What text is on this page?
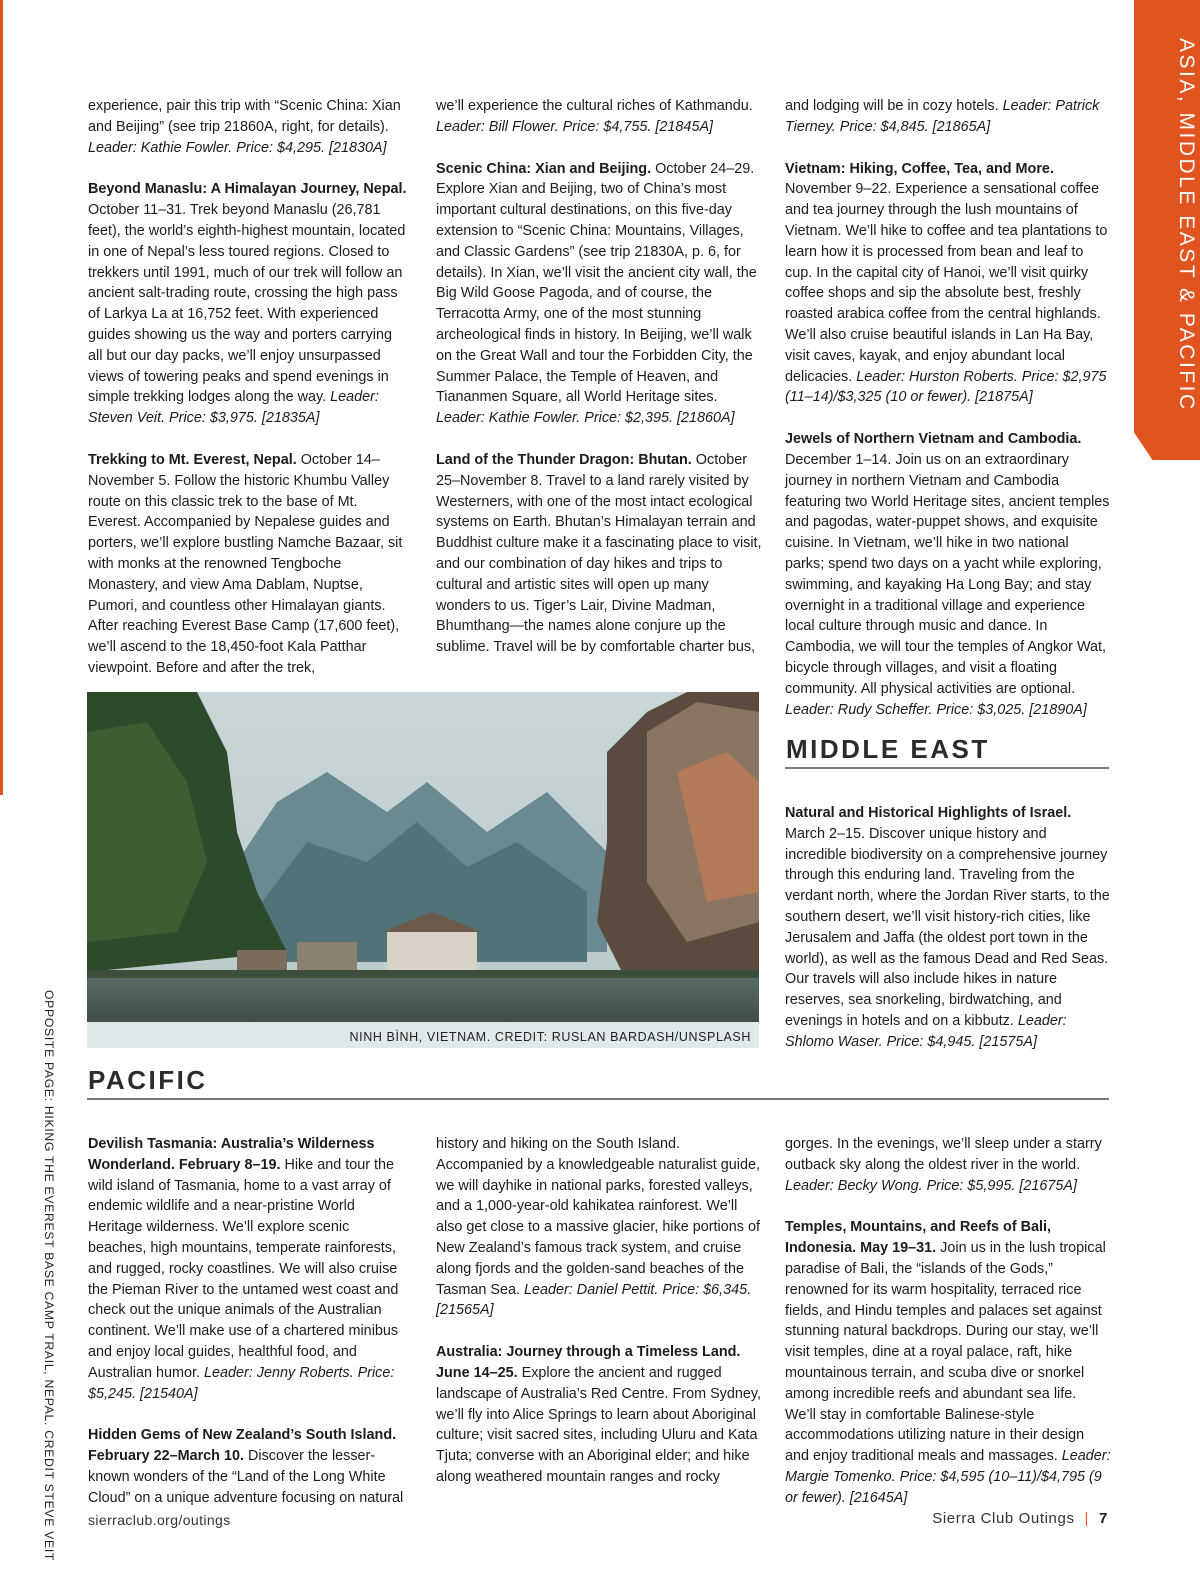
ASIA, MIDDLE EAST & PACIFIC

experience, pair this trip with “Scenic China: Xian and Beijing” (see trip 21860A, right, for details). Leader: Kathie Fowler. Price: $4,295. [21830A]

Beyond Manaslu: A Himalayan Journey, Nepal. October 11–31. Trek beyond Manaslu (26,781 feet), the world’s eighth-highest mountain, located in one of Nepal’s less toured regions. Closed to trekkers until 1991, much of our trek will follow an ancient salt-trading route, crossing the high pass of Larkya La at 16,752 feet. With experienced guides showing us the way and porters carrying all but our day packs, we’ll enjoy unsurpassed views of towering peaks and spend evenings in simple trekking lodges along the way. Leader: Steven Veit. Price: $3,975. [21835A]

Trekking to Mt. Everest, Nepal. October 14–November 5. Follow the historic Khumbu Valley route on this classic trek to the base of Mt. Everest. Accompanied by Nepalese guides and porters, we’ll explore bustling Namche Bazaar, sit with monks at the renowned Tengboche Monastery, and view Ama Dablam, Nuptse, Pumori, and countless other Himalayan giants. After reaching Everest Base Camp (17,600 feet), we’ll ascend to the 18,450-foot Kala Patthar viewpoint. Before and after the trek,

we’ll experience the cultural riches of Kathmandu. Leader: Bill Flower. Price: $4,755. [21845A]

Scenic China: Xian and Beijing. October 24–29. Explore Xian and Beijing, two of China’s most important cultural destinations, on this five-day extension to “Scenic China: Mountains, Villages, and Classic Gardens” (see trip 21830A, p. 6, for details). In Xian, we’ll visit the ancient city wall, the Big Wild Goose Pagoda, and of course, the Terracotta Army, one of the most stunning archeological finds in history. In Beijing, we’ll walk on the Great Wall and tour the Forbidden City, the Summer Palace, the Temple of Heaven, and Tiananmen Square, all World Heritage sites. Leader: Kathie Fowler. Price: $2,395. [21860A]

Land of the Thunder Dragon: Bhutan. October 25–November 8. Travel to a land rarely visited by Westerners, with one of the most intact ecological systems on Earth. Bhutan’s Himalayan terrain and Buddhist culture make it a fascinating place to visit, and our combination of day hikes and trips to cultural and artistic sites will open up many wonders to us. Tiger’s Lair, Divine Madman, Bhumthang—the names alone conjure up the sublime. Travel will be by comfortable charter bus,

and lodging will be in cozy hotels. Leader: Patrick Tierney. Price: $4,845. [21865A]

Vietnam: Hiking, Coffee, Tea, and More. November 9–22. Experience a sensational coffee and tea journey through the lush mountains of Vietnam. We’ll hike to coffee and tea plantations to learn how it is processed from bean and leaf to cup. In the capital city of Hanoi, we’ll visit quirky coffee shops and sip the absolute best, freshly roasted arabica coffee from the central highlands. We’ll also cruise beautiful islands in Lan Ha Bay, visit caves, kayak, and enjoy abundant local delicacies. Leader: Hurston Roberts. Price: $2,975 (11–14)/$3,325 (10 or fewer). [21875A]

Jewels of Northern Vietnam and Cambodia. December 1–14. Join us on an extraordinary journey in northern Vietnam and Cambodia featuring two World Heritage sites, ancient temples and pagodas, water-puppet shows, and exquisite cuisine. In Vietnam, we’ll hike in two national parks; spend two days on a yacht while exploring, swimming, and kayaking Ha Long Bay; and stay overnight in a traditional village and experience local culture through music and dance. In Cambodia, we will tour the temples of Angkor Wat, bicycle through villages, and visit a floating community. All physical activities are optional. Leader: Rudy Scheffer. Price: $3,025. [21890A]

NINH BÌNH, VIETNAM. CREDIT: RUSLAN BARDASH/UNSPLASH
MIDDLE EAST

Natural and Historical Highlights of Israel. March 2–15. Discover unique history and incredible biodiversity on a comprehensive journey through this enduring land. Traveling from the verdant north, where the Jordan River starts, to the southern desert, we’ll visit history-rich cities, like Jerusalem and Jaffa (the oldest port town in the world), as well as the famous Dead and Red Seas. Our travels will also include hikes in nature reserves, sea snorkeling, birdwatching, and evenings in hotels and on a kibbutz. Leader: Shlomo Waser. Price: $4,945. [21575A]

PACIFIC

Devilish Tasmania: Australia’s Wilderness Wonderland. February 8–19. Hike and tour the wild island of Tasmania, home to a vast array of endemic wildlife and a near-pristine World Heritage wilderness. We’ll explore scenic beaches, high mountains, temperate rainforests, and rugged, rocky coastlines. We will also cruise the Pieman River to the untamed west coast and check out the unique animals of the Australian continent. We’ll make use of a chartered minibus and enjoy local guides, healthful food, and Australian humor. Leader: Jenny Roberts. Price: $5,245. [21540A]

Hidden Gems of New Zealand’s South Island. February 22–March 10. Discover the lesser-known wonders of the “Land of the Long White Cloud” on a unique adventure focusing on natural

history and hiking on the South Island. Accompanied by a knowledgeable naturalist guide, we will dayhike in national parks, forested valleys, and a 1,000-year-old kahikatea rainforest. We’ll also get close to a massive glacier, hike portions of New Zealand’s famous track system, and cruise along fjords and the golden-sand beaches of the Tasman Sea. Leader: Daniel Pettit. Price: $6,345. [21565A]

Australia: Journey through a Timeless Land. June 14–25. Explore the ancient and rugged landscape of Australia’s Red Centre. From Sydney, we’ll fly into Alice Springs to learn about Aboriginal culture; visit sacred sites, including Uluru and Kata Tjuta; converse with an Aboriginal elder; and hike along weathered mountain ranges and rocky

gorges. In the evenings, we’ll sleep under a starry outback sky along the oldest river in the world. Leader: Becky Wong. Price: $5,995. [21675A]

Temples, Mountains, and Reefs of Bali, Indonesia. May 19–31. Join us in the lush tropical paradise of Bali, the “islands of the Gods,” renowned for its warm hospitality, terraced rice fields, and Hindu temples and palaces set against stunning natural backdrops. During our stay, we’ll visit temples, dine at a royal palace, raft, hike mountainous terrain, and scuba dive or snorkel among incredible reefs and abundant sea life. We’ll stay in comfortable Balinese-style accommodations utilizing nature in their design and enjoy traditional meals and massages. Leader: Margie Tomenko. Price: $4,595 (10–11)/$4,795 (9 or fewer). [21645A]

OPPOSITE PAGE: HIKING THE EVEREST BASE CAMP TRAIL, NEPAL. CREDIT STEVE VEIT sierraclub.org/outings	Sierra Club Outings | 7
